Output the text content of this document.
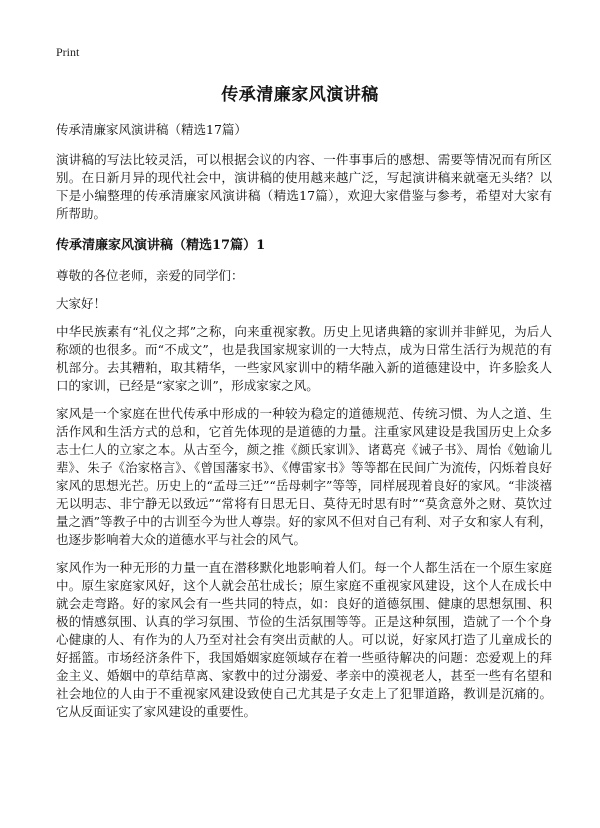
Print
传承清廉家风演讲稿

传承清廉家风演讲稿（精选17篇）

演讲稿的写法比较灵活，可以根据会议的内容、一件事事后的感想、需要等情况而有所区别。在日新月异的现代社会中，演讲稿的使用越来越广泛，写起演讲稿来就毫无头绪？以下是小编整理的传承清廉家风演讲稿（精选17篇），欢迎大家借鉴与参考，希望对大家有所帮助。

传承清廉家风演讲稿（精选17篇）1

尊敬的各位老师，亲爱的同学们：

大家好！

中华民族素有“礼仪之邦”之称，向来重视家教。历史上见诸典籍的家训并非鲜见，为后人称颂的也很多。而“不成文”，也是我国家规家训的一大特点，成为日常生活行为规范的有机部分。去其糟粕，取其精华，一些家风家训中的精华融入新的道德建设中，许多脍炙人口的家训，已经是“家家之训”，形成家家之风。

家风是一个家庭在世代传承中形成的一种较为稳定的道德规范、传统习惯、为人之道、生活作风和生活方式的总和，它首先体现的是道德的力量。注重家风建设是我国历史上众多志士仁人的立家之本。从古至今，颜之推《颜氏家训》、诸葛亮《诫子书》、周怡《勉谕儿辈》、朱子《治家格言》、《曾国藩家书》、《傅雷家书》等等都在民间广为流传，闪烁着良好家风的思想光芒。历史上的“孟母三迁”“岳母刺字”等等，同样展现着良好的家风。“非淡禧无以明志、非宁静无以致远”“常将有日思无日、莫待无时思有时”“莫贪意外之财、莫饮过量之酒”等教子中的古训至今为世人尊崇。好的家风不但对自己有利、对子女和家人有利，也逐步影响着大众的道德水平与社会的风气。

家风作为一种无形的力量一直在潜移默化地影响着人们。每一个人都生活在一个原生家庭中。原生家庭家风好，这个人就会茁壮成长；原生家庭不重视家风建设，这个人在成长中就会走弯路。好的家风会有一些共同的特点，如：良好的道德氛围、健康的思想氛围、积极的情感氛围、认真的学习氛围、节俭的生活氛围等等。正是这种氛围，造就了一个个身心健康的人、有作为的人乃至对社会有突出贡献的人。可以说，好家风打造了儿童成长的好摇篮。市场经济条件下，我国婚姻家庭领域存在着一些亟待解决的问题：恋爱观上的拜金主义、婚姻中的草结草离、家教中的过分溺爱、孝亲中的漠视老人，甚至一些有名望和社会地位的人由于不重视家风建设致使自己尤其是子女走上了犯罪道路，教训是沉痛的。它从反面证实了家风建设的重要性。
